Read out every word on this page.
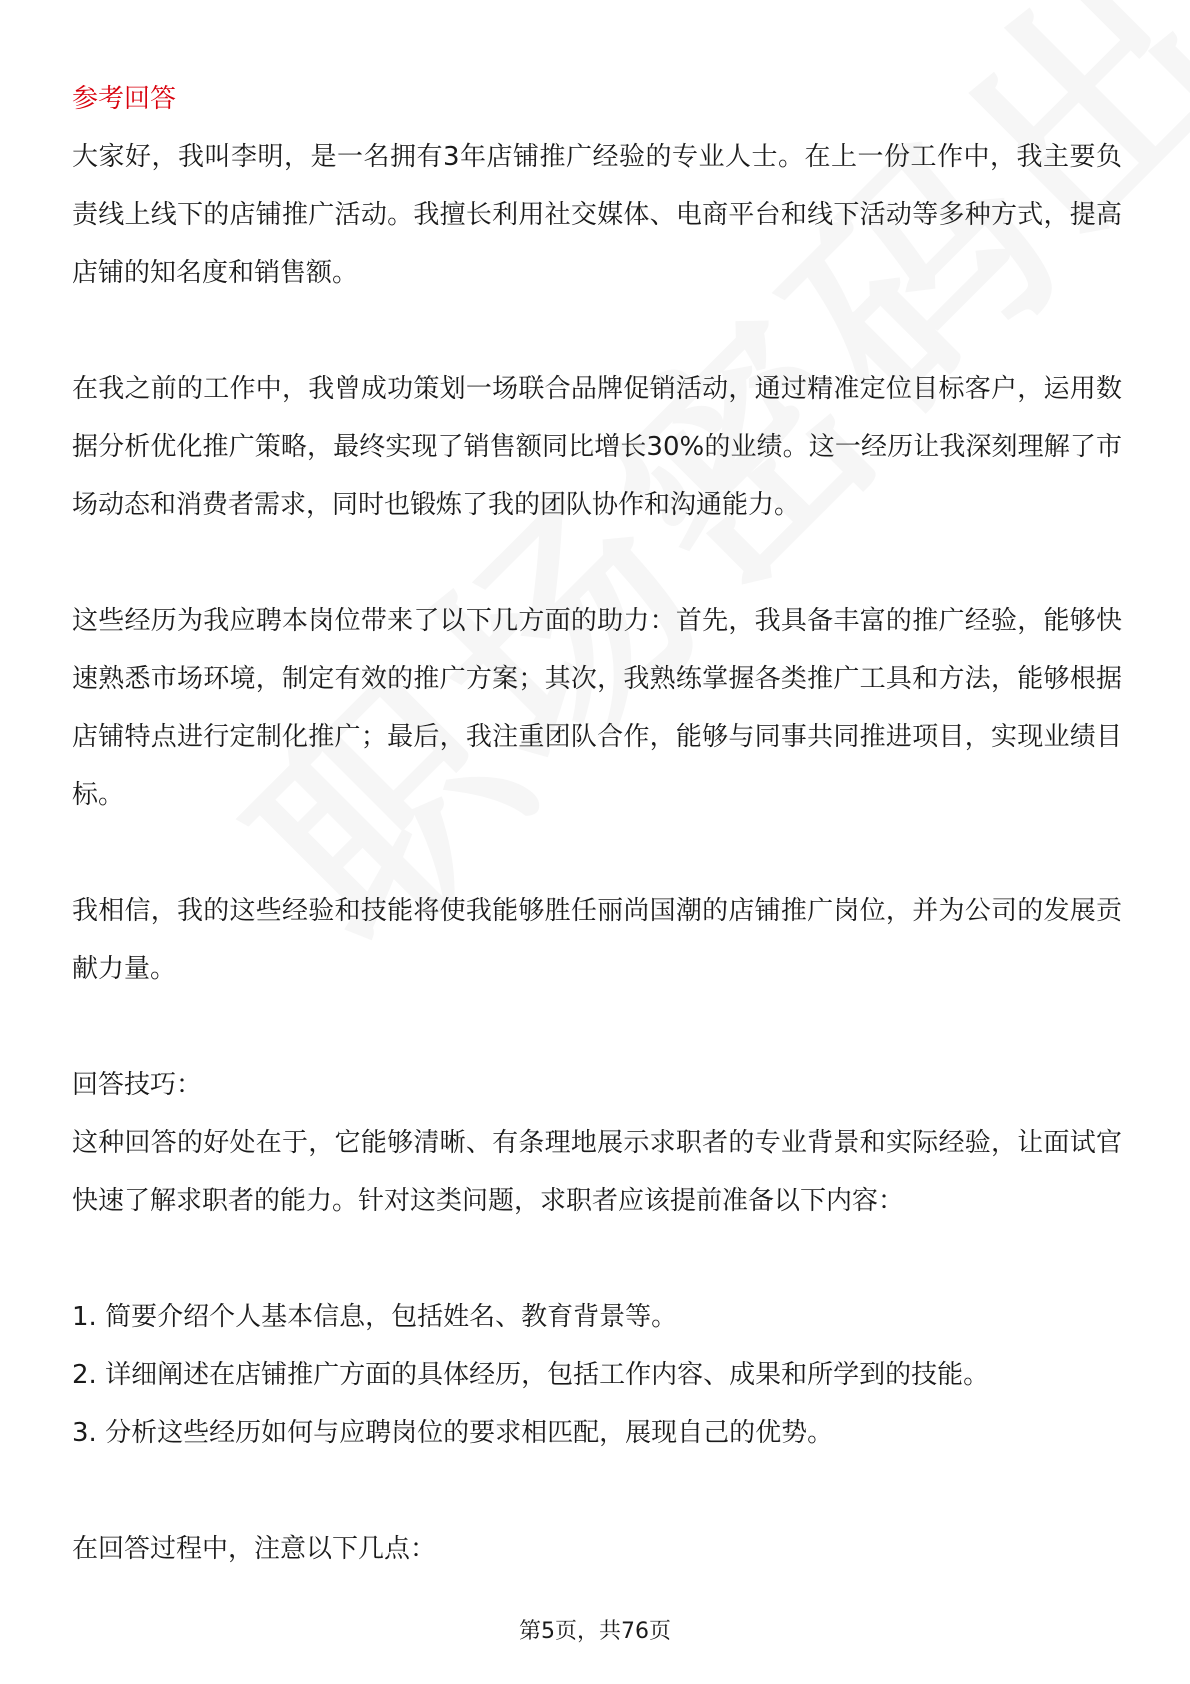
参考回答

大家好，我叫李明，是一名拥有3年店铺推广经验的专业人士。在上一份工作中，我主要负责线上线下的店铺推广活动。我擅长利用社交媒体、电商平台和线下活动等多种方式，提高店铺的知名度和销售额。

在我之前的工作中，我曾成功策划一场联合品牌促销活动，通过精准定位目标客户，运用数据分析优化推广策略，最终实现了销售额同比增长30%的业绩。这一经历让我深刻理解了市场动态和消费者需求，同时也锻炼了我的团队协作和沟通能力。

这些经历为我应聘本岗位带来了以下几方面的助力：首先，我具备丰富的推广经验，能够快速熟悉市场环境，制定有效的推广方案；其次，我熟练掌握各类推广工具和方法，能够根据店铺特点进行定制化推广；最后，我注重团队合作，能够与同事共同推进项目，实现业绩目标。

我相信，我的这些经验和技能将使我能够胜任丽尚国潮的店铺推广岗位，并为公司的发展贡献力量。

回答技巧：

这种回答的好处在于，它能够清晰、有条理地展示求职者的专业背景和实际经验，让面试官快速了解求职者的能力。针对这类问题，求职者应该提前准备以下内容：

1. 简要介绍个人基本信息，包括姓名、教育背景等。

2. 详细阐述在店铺推广方面的具体经历，包括工作内容、成果和所学到的技能。

3. 分析这些经历如何与应聘岗位的要求相匹配，展现自己的优势。

在回答过程中，注意以下几点：

第5页，共76页
